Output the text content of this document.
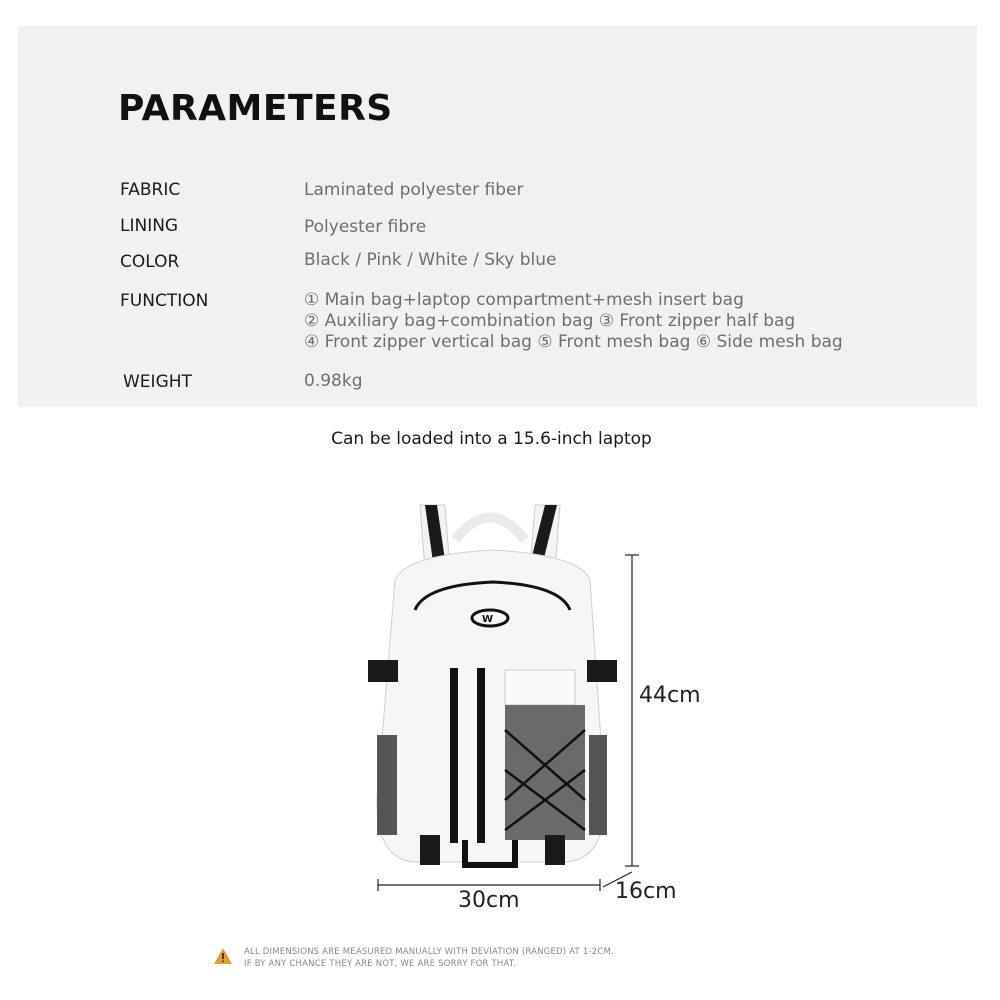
PARAMETERS
FABRIC	Laminated polyester fiber
LINING	Polyester fibre
COLOR	Black / Pink / White / Sky blue
FUNCTION	① Main bag+laptop compartment+mesh insert bag
② Auxiliary bag+combination bag ③ Front zipper half bag
④ Front zipper vertical bag ⑤ Front mesh bag ⑥ Side mesh bag
WEIGHT	0.98kg
Can be loaded into a 15.6-inch laptop
W
44cm
30cm	16cm
ALL DIMENSIONS ARE MEASURED MANUALLY WITH DEVIATION (RANGED) AT 1-2CM.
IF BY ANY CHANCE THEY ARE NOT, WE ARE SORRY FOR THAT.
